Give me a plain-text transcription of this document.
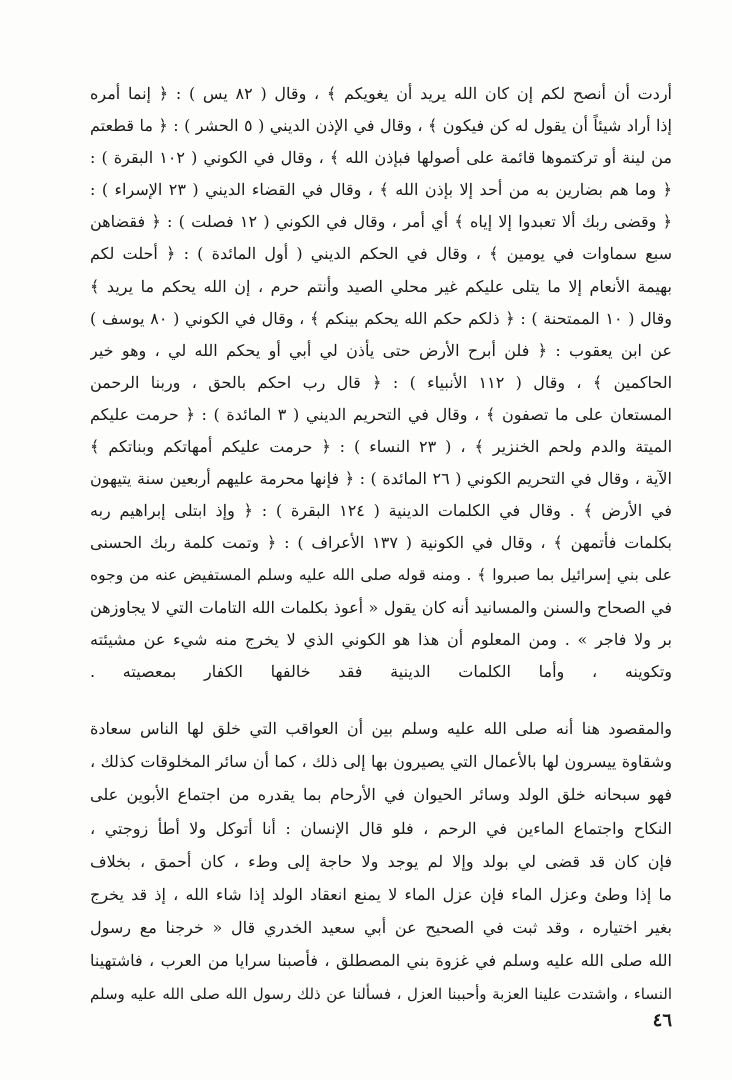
أردت أن أنصح لكم إن كان الله يريد أن يغويكم ﴾ ، وقال ( ٨٢ يس ) : ﴿ إنما أمره
إذا أراد شيئاً أن يقول له كن فيكون ﴾ ، وقال في الإذن الديني ( ٥ الحشر ) : ﴿ ما قطعتم
من لينة أو تركتموها قائمة على أصولها فبإذن الله ﴾ ، وقال في الكوني ( ١٠٢ البقرة ) :
﴿ وما هم بضارين به من أحد إلا بإذن الله ﴾ ، وقال في القضاء الديني ( ٢٣ الإسراء ) :
﴿ وقضى ربك ألا تعبدوا إلا إياه ﴾ أي أمر ، وقال في الكوني ( ١٢ فصلت ) : ﴿ فقضاهن
سبع سماوات في يومين ﴾ ، وقال في الحكم الديني ( أول المائدة ) : ﴿ أحلت لكم
بهيمة الأنعام إلا ما يتلى عليكم غير محلي الصيد وأنتم حرم ، إن الله يحكم ما يريد ﴾
وقال ( ١٠ الممتحنة ) : ﴿ ذلكم حكم الله يحكم بينكم ﴾ ، وقال في الكوني ( ٨٠ يوسف )
عن ابن يعقوب : ﴿ فلن أبرح الأرض حتى يأذن لي أبي أو يحكم الله لي ، وهو خير
الحاكمين ﴾ ، وقال ( ١١٢ الأنبياء ) : ﴿ قال رب احكم بالحق ، وربنا الرحمن
المستعان على ما تصفون ﴾ ، وقال في التحريم الديني ( ٣ المائدة ) : ﴿ حرمت عليكم
الميتة والدم ولحم الخنزير ﴾ ، ( ٢٣ النساء ) : ﴿ حرمت عليكم أمهاتكم وبناتكم ﴾
الآية ، وقال في التحريم الكوني ( ٢٦ المائدة ) : ﴿ فإنها محرمة عليهم أربعين سنة يتيهون
في الأرض ﴾ . وقال في الكلمات الدينية ( ١٢٤ البقرة ) : ﴿ وإذ ابتلى إبراهيم ربه
بكلمات فأتمهن ﴾ ، وقال في الكونية ( ١٣٧ الأعراف ) : ﴿ وتمت كلمة ربك الحسنى
على بني إسرائيل بما صبروا ﴾ . ومنه قوله صلى الله عليه وسلم المستفيض عنه من وجوه
في الصحاح والسنن والمسانيد أنه كان يقول « أعوذ بكلمات الله التامات التي لا يجاوزهن
بر ولا فاجر » . ومن المعلوم أن هذا هو الكوني الذي لا يخرج منه شيء عن مشيئته
وتكوينه ، وأما الكلمات الدينية فقد خالفها الكفار بمعصيته .
والمقصود هنا أنه صلى الله عليه وسلم بين أن العواقب التي خلق لها الناس سعادة
وشقاوة ييسرون لها بالأعمال التي يصيرون بها إلى ذلك ، كما أن سائر المخلوقات كذلك ،
فهو سبحانه خلق الولد وسائر الحيوان في الأرحام بما يقدره من اجتماع الأبوين على
النكاح واجتماع الماءين في الرحم ، فلو قال الإنسان : أنا أتوكل ولا أطأ زوجتي ،
فإن كان قد قضى لي بولد وإلا لم يوجد ولا حاجة إلى وطء ، كان أحمق ، بخلاف
ما إذا وطئ وعزل الماء فإن عزل الماء لا يمنع انعقاد الولد إذا شاء الله ، إذ قد يخرج
بغير اختياره ، وقد ثبت في الصحيح عن أبي سعيد الخدري قال « خرجنا مع رسول
الله صلى الله عليه وسلم في غزوة بني المصطلق ، فأصبنا سرايا من العرب ، فاشتهينا
النساء ، واشتدت علينا العزبة وأحببنا العزل ، فسألنا عن ذلك رسول الله صلى الله عليه وسلم
٤٦
